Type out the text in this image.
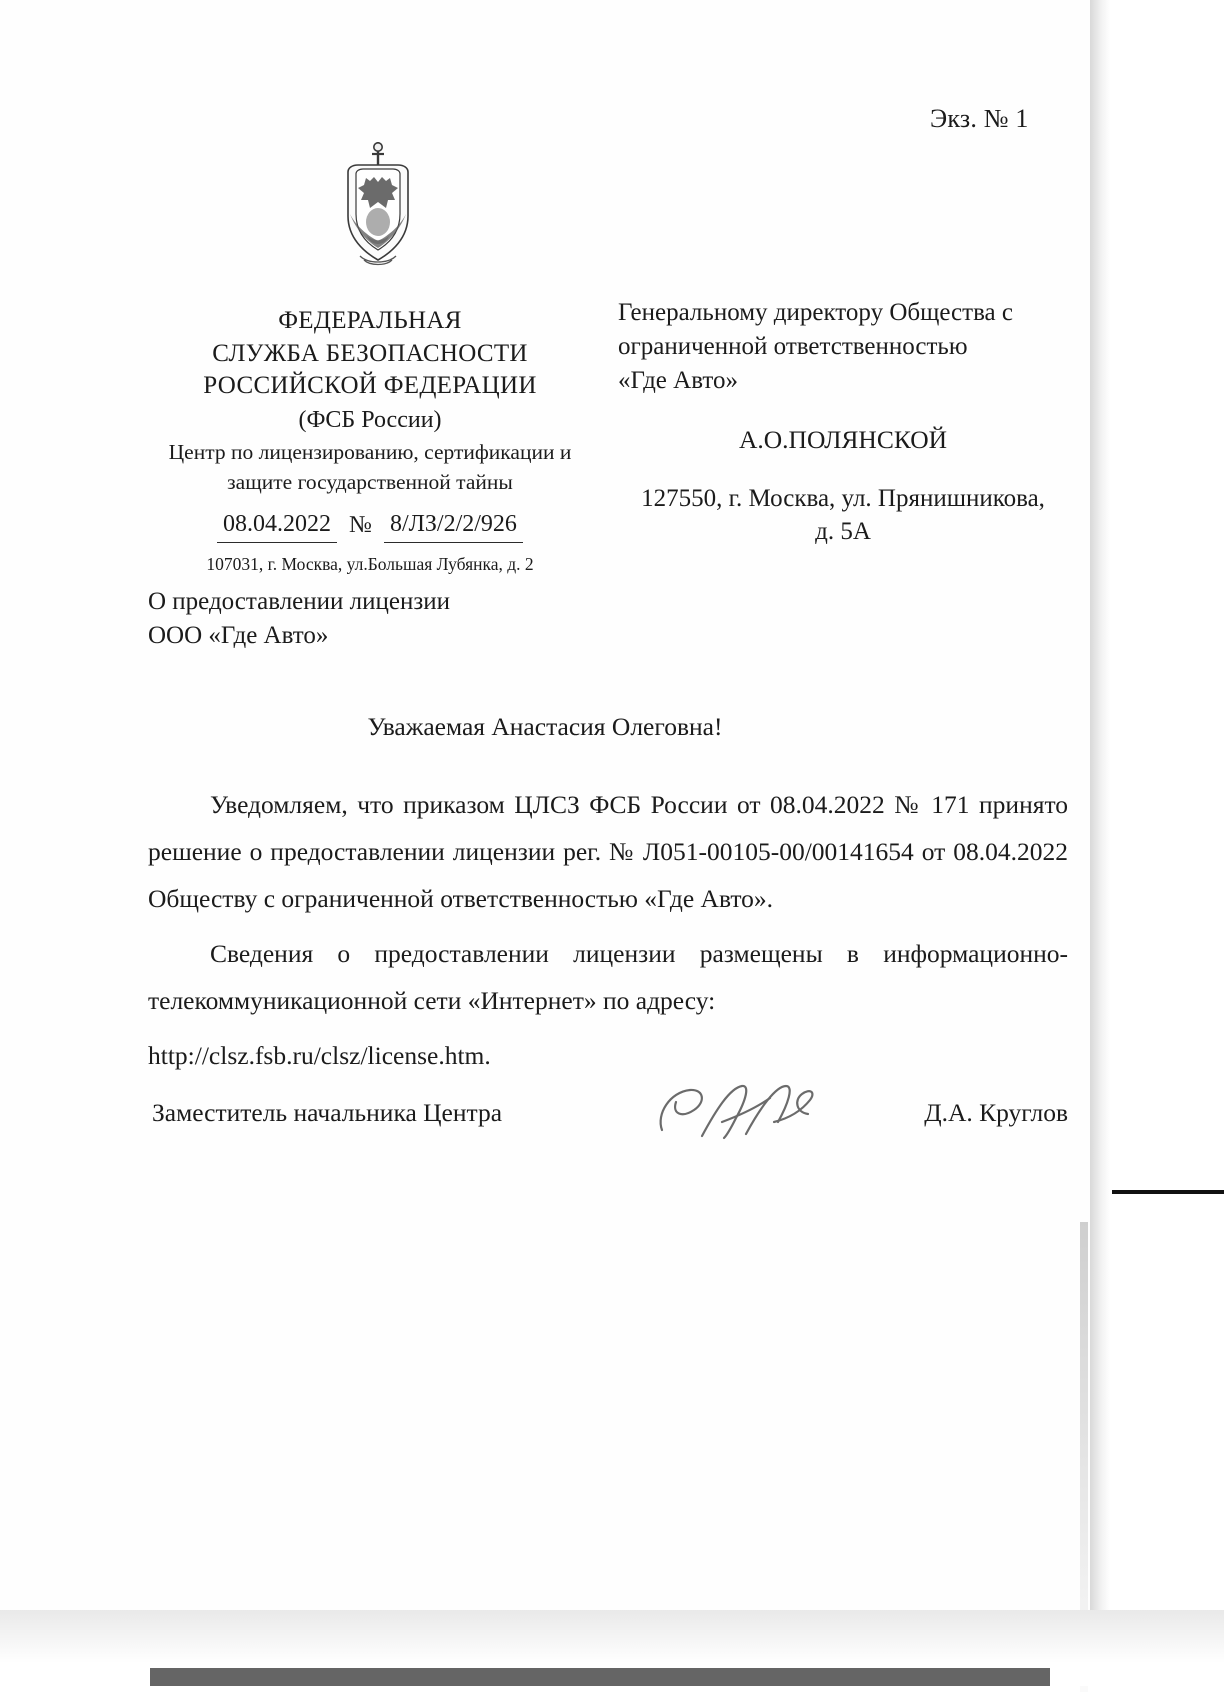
Экз. № 1
ФЕДЕРАЛЬНАЯ
СЛУЖБА БЕЗОПАСНОСТИ
РОССИЙСКОЙ ФЕДЕРАЦИИ
(ФСБ России)
Центр по лицензированию, сертификации и
защите государственной тайны
08.04.2022 № 8/ЛЗ/2/2/926
107031, г. Москва, ул.Большая Лубянка, д. 2
Генеральному директору Общества с
ограниченной ответственностью
«Где Авто»
А.О.ПОЛЯНСКОЙ
127550, г. Москва, ул. Прянишникова,
д. 5А
О предоставлении лицензии
ООО «Где Авто»
Уважаемая Анастасия Олеговна!

Уведомляем, что приказом ЦЛСЗ ФСБ России от 08.04.2022 № 171 принято решение о предоставлении лицензии рег. № Л051-00105-00/00141654 от 08.04.2022 Обществу с ограниченной ответственностью «Где Авто».

Сведения о предоставлении лицензии размещены в информационно-телекоммуникационной сети «Интернет» по адресу:

http://clsz.fsb.ru/clsz/license.htm.

Заместитель начальника Центра	Д.А. Круглов
